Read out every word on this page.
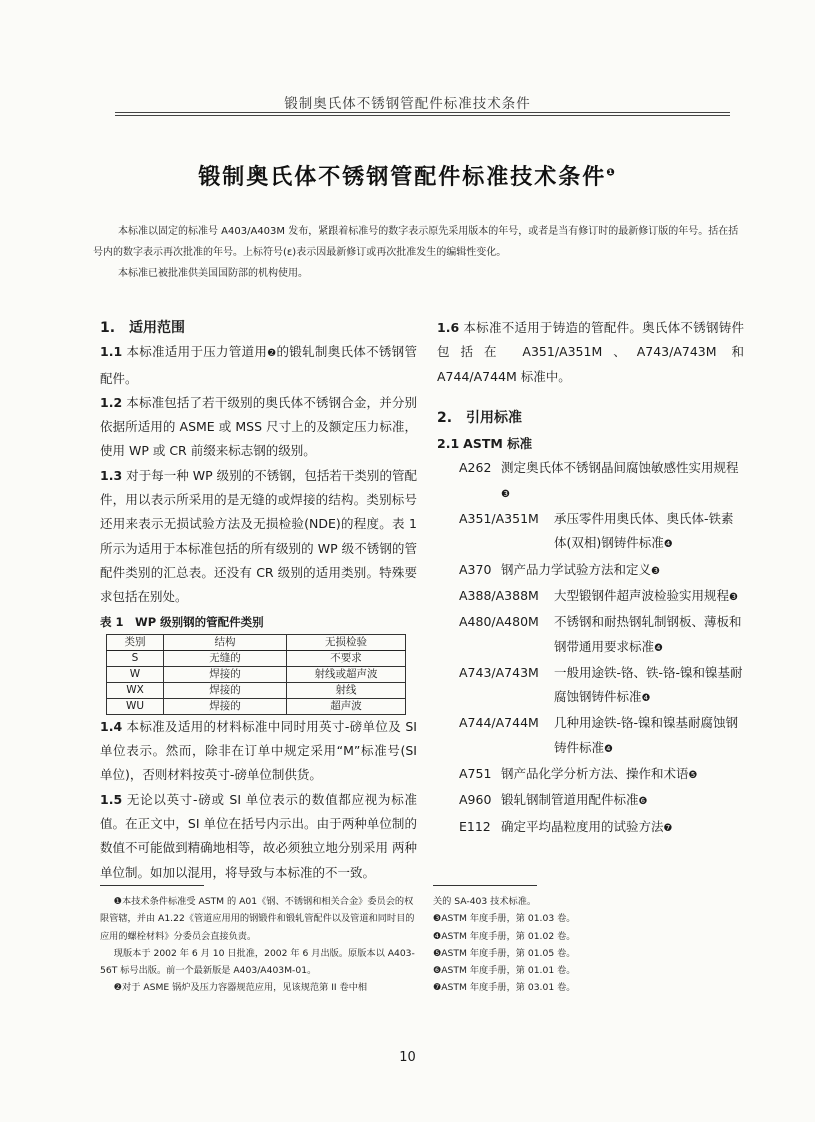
锻制奥氏体不锈钢管配件标准技术条件
锻制奥氏体不锈钢管配件标准技术条件$^❶$

本标准以固定的标准号 A403/A403M 发布，紧跟着标准号的数字表示原先采用版本的年号，或者是当有修订时的最新修订版的年号。括在括号内的数字表示再次批准的年号。上标符号(ε)表示因最新修订或再次批准发生的编辑性变化。

本标准已被批准供美国国防部的机构使用。

1.　适用范围

1.1 本标准适用于压力管道用❷的锻轧制奥氏体不锈钢管配件。

1.2 本标准包括了若干级别的奥氏体不锈钢合金，并分别依据所适用的 ASME 或 MSS 尺寸上的及额定压力标准，使用 WP 或 CR 前缀来标志钢的级别。

1.3 对于每一种 WP 级别的不锈钢，包括若干类别的管配件，用以表示所采用的是无缝的或焊接的结构。类别标号还用来表示无损试验方法及无损检验(NDE)的程度。表 1 所示为适用于本标准包括的所有级别的 WP 级不锈钢的管配件类别的汇总表。还没有 CR 级别的适用类别。特殊要求包括在别处。

表 1　WP 级别钢的管配件类别

类别	结构	无损检验
S	无缝的	不要求
W	焊接的	射线或超声波
WX	焊接的	射线
WU	焊接的	超声波

1.4 本标准及适用的材料标准中同时用英寸-磅单位及 SI 单位表示。然而，除非在订单中规定采用“M”标准号(SI 单位)，否则材料按英寸-磅单位制供货。

1.5 无论以英寸-磅或 SI 单位表示的数值都应视为标准值。在正文中，SI 单位在括号内示出。由于两种单位制的数值不可能做到精确地相等，故必须独立地分别采用 两种单位制。如加以混用，将导致与本标准的不一致。

1.6 本标准不适用于铸造的管配件。奥氏体不锈钢铸件包括在 A351/A351M、A743/A743M 和 A744/A744M 标准中。

2.　引用标准

2.1 ASTM 标准

A262 测定奥氏体不锈钢晶间腐蚀敏感性实用规程❸
A351/A351M	承压零件用奥氏体、奥氏体-铁素体(双相)钢铸件标准❹
A370 钢产品力学试验方法和定义❸
A388/A388M	大型锻钢件超声波检验实用规程❸
A480/A480M	不锈钢和耐热钢轧制钢板、薄板和钢带通用要求标准❹
A743/A743M	一般用途铁-铬、铁-铬-镍和镍基耐腐蚀钢铸件标准❹
A744/A744M	几种用途铁-铬-镍和镍基耐腐蚀钢铸件标准❹
A751 钢产品化学分析方法、操作和术语❺
A960 锻轧钢制管道用配件标准❻
E112 确定平均晶粒度用的试验方法❼

❶本技术条件标准受 ASTM 的 A01《钢、不锈钢和相关合金》委员会的权限管辖，并由 A1.22《管道应用用的钢锻件和锻轧管配件以及管道和同时目的应用的螺栓材料》分委员会直接负责。

现版本于 2002 年 6 月 10 日批准，2002 年 6 月出版。原版本以 A403-56T 标号出版。前一个最新版是 A403/A403M-01。

❷对于 ASME 锅炉及压力容器规范应用，见该规范第 II 卷中相

关的 SA-403 技术标准。

❸ASTM 年度手册，第 01.03 卷。

❹ASTM 年度手册，第 01.02 卷。

❺ASTM 年度手册，第 01.05 卷。

❻ASTM 年度手册，第 01.01 卷。

❼ASTM 年度手册，第 03.01 卷。

10
